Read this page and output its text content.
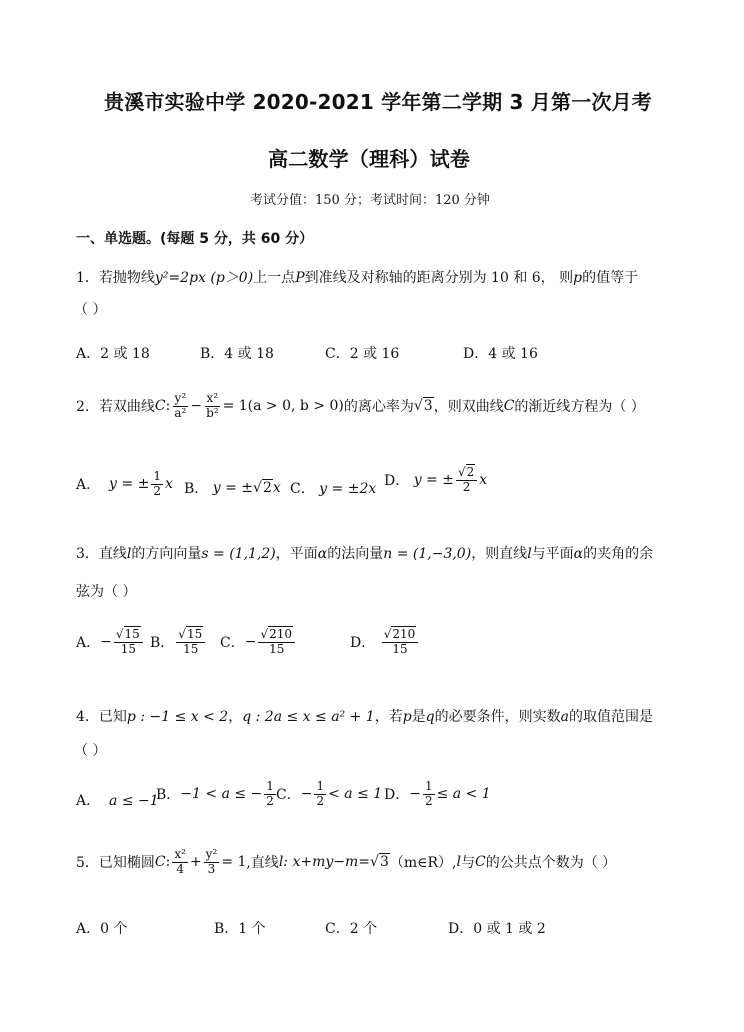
贵溪市实验中学 2020-2021 学年第二学期 3 月第一次月考
高二数学（理科）试卷
考试分值：150 分；考试时间：120 分钟
一、单选题。(每题 5 分，共 60 分）
1．若抛物线y²=2px (p＞0)上一点P到准线及对称轴的距离分别为 10 和 6， 则p的值等于
（ ）
A．2 或 18	B．4 或 18	C．2 或 16	D．4 或 16
2． 若双曲线 C : $\frac{\text{y²}}{\text{a²}} - \frac{\text{x²}}{\text{b²}} = 1(a > 0$, b > 0) 的离心率为 √3 ，则双曲线 C 的渐近线方程为（ ）
A．
y = ± $\frac{1}{2}$ x B．
y = ± √2 x C． y = ±2x D．
y = ± $\frac{√2}{2}$ x
3．直线l的方向向量s = (1,1,2)，平面α的法向量n = (1,−3,0)，则直线l与平面α的夹角的余
弦为（ ）
A． − $\frac{√15}{15}$ B． $\frac{√15}{15}$ C． − $\frac{√210}{15}$	D．
$\frac{√210}{15}$
4．已知p : −1 ≤ x < 2，q : 2a ≤ x ≤ a² + 1，若p是q的必要条件，则实数a的取值范围是
（ ）
A． a ≤ −1
B． −1 < a ≤ − $\frac{1}{2}$ C． − $\frac{1}{2} < a \le 1$ D． − $\frac{1}{2} \le a < 1$
5． 已知椭圆 C : $\frac{\text{x²}}{4} + \frac{\text{y²}}{3} = 1$ ,直线 l : x+my−m= √3 （m∈R）, l 与 C 的公共点个数为（ ）
A．0 个	B．1 个	C．2 个	D．0 或 1 或 2
